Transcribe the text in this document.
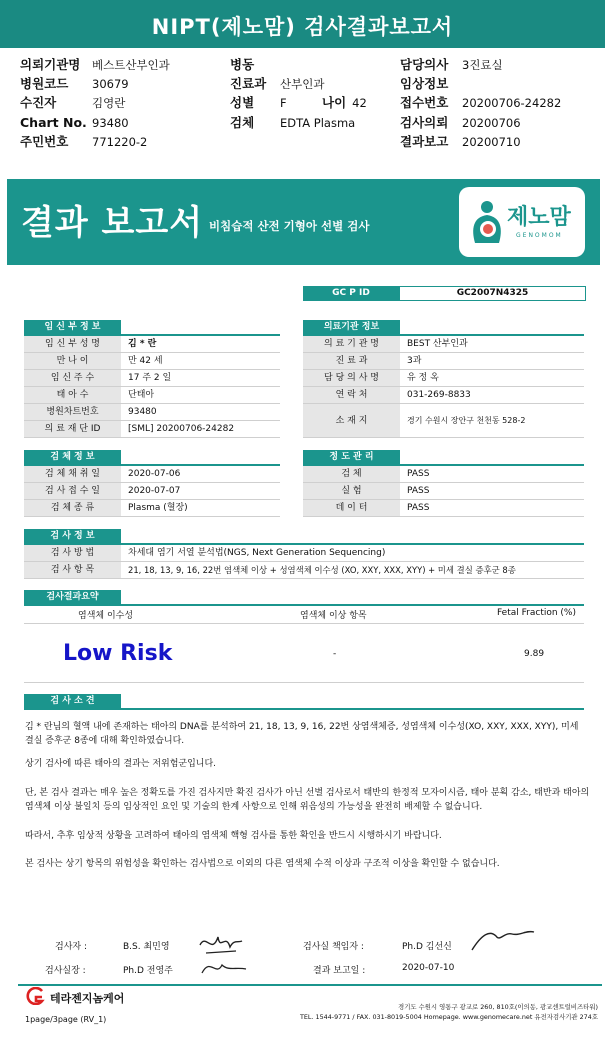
NIPT(제노맘) 검사결과보고서
의뢰기관명 베스트산부인과
병원코드 30679
수진자	김영란
Chart No. 93480
주민번호 771220-2
병동
진료과 산부인과
성별 F	나이 42
검체 EDTA Plasma
담당의사 3진료실
임상정보
접수번호 20200706-24282
검사의뢰 20200706
결과보고 20200710
결과 보고서 비침습적 산전 기형아 선별 검사	제노맘
GENOMOM
GC P ID	GC2007N4325
임 신 부 정 보
임 신 부 성 명	김 * 란
만 나 이	만 42 세
임 신 주 수	17 주 2 일
태 아 수	단태아
병원차트번호	93480
의 료 재 단 ID	[SML] 20200706-24282
의료기관 정보
의 료 기 관 명	BEST 산부인과
진 료 과	3과
담 당 의 사 명	유 정 옥
연 락 처	031-269-8833
소 재 지	경기 수원시 장안구 천천동 528-2
검 체 정 보
검 체 채 취 일	2020-07-06
검 사 접 수 일	2020-07-07
검 체 종 류	Plasma (혈장)
정 도 관 리
검 체	PASS
실 험	PASS
데 이 터	PASS
검 사 정 보
검 사 방 법	차세대 염기 서열 분석법(NGS, Next Generation Sequencing)
검 사 항 목	21, 18, 13, 9, 16, 22번 염색체 이상 + 성염색체 이수성 (XO, XXY, XXX, XYY) + 미세 결실 증후군 8종
검사결과요약
염색체 이수성	염색체 이상 항목	Fetal Fraction (%)
Low Risk	-	9.89
검 사 소 견
김 * 란님의 혈액 내에 존재하는 태아의 DNA를 분석하여 21, 18, 13, 9, 16, 22번 상염색체증, 성염색체 이수성(XO, XXY, XXX, XYY), 미세 결실 증후군 8종에 대해 확인하였습니다.
상기 검사에 따른 태아의 결과는 저위험군입니다.
단, 본 검사 결과는 매우 높은 정확도를 가진 검사지만 확진 검사가 아닌 선별 검사로서 태반의 한정적 모자이시즘, 태아 분획 감소, 태반과 태아의 염색체 이상 불일치 등의 임상적인 요인 및 기술의 한계 사항으로 인해 위음성의 가능성을 완전히 배제할 수 없습니다.
따라서, 추후 임상적 상황을 고려하여 태아의 염색체 핵형 검사를 통한 확인을 반드시 시행하시기 바랍니다.
본 검사는 상기 항목의 위험성을 확인하는 검사법으로 이외의 다른 염색체 수적 이상과 구조적 이상을 확인할 수 없습니다.
검사자 :	B.S. 최민영
검사실장 :	Ph.D 전영주
검사실 책임자 :	Ph.D 김선신
결과 보고일 :	2020-07-10
테라젠지놈케어
경기도 수원시 영통구 광교로 260, 810호(이의동, 광교센트럴비즈타워)
TEL. 1544-9771 / FAX. 031-8019-5004 Homepage. www.genomecare.net 유전자검사기관 274호
1page/3page (RV_1)
